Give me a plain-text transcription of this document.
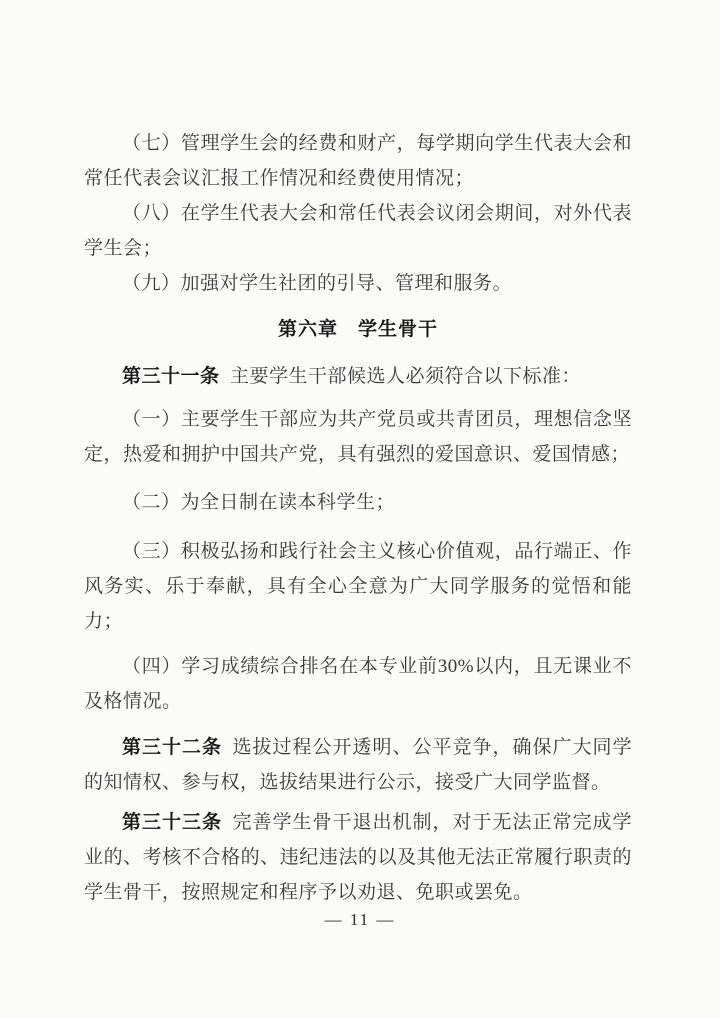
（七）管理学生会的经费和财产，每学期向学生代表大会和常任代表会议汇报工作情况和经费使用情况；

（八）在学生代表大会和常任代表会议闭会期间，对外代表学生会；

（九）加强对学生社团的引导、管理和服务。

第六章　学生骨干

第三十一条 主要学生干部候选人必须符合以下标准：

（一）主要学生干部应为共产党员或共青团员，理想信念坚定，热爱和拥护中国共产党，具有强烈的爱国意识、爱国情感；

（二）为全日制在读本科学生；

（三）积极弘扬和践行社会主义核心价值观，品行端正、作风务实、乐于奉献，具有全心全意为广大同学服务的觉悟和能力；

（四）学习成绩综合排名在本专业前30%以内，且无课业不及格情况。

第三十二条 选拔过程公开透明、公平竞争，确保广大同学的知情权、参与权，选拔结果进行公示，接受广大同学监督。

第三十三条 完善学生骨干退出机制，对于无法正常完成学业的、考核不合格的、违纪违法的以及其他无法正常履行职责的学生骨干，按照规定和程序予以劝退、免职或罢免。

— 11 —
